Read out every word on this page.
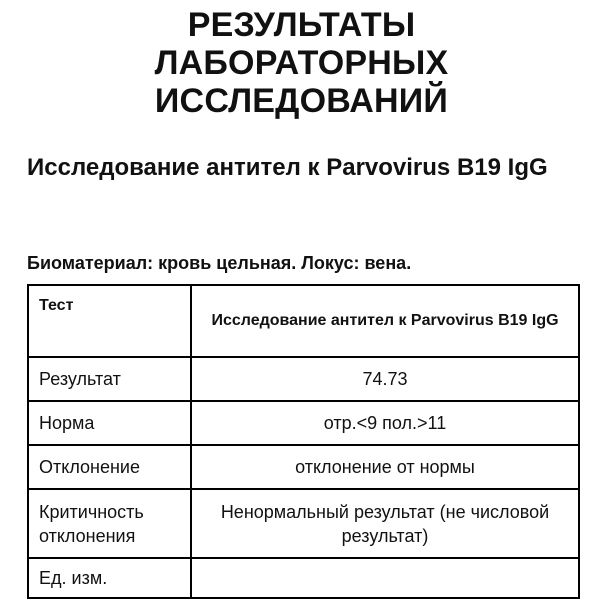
РЕЗУЛЬТАТЫ
ЛАБОРАТОРНЫХ
ИССЛЕДОВАНИЙ
Исследование антител к Parvovirus B19 IgG
Биоматериал: кровь цельная. Локус: вена.
Тест	Исследование антител к Parvovirus B19 IgG
Результат	74.73
Норма	отр.<9 пол.>11
Отклонение	отклонение от нормы
Критичность отклонения	Ненормальный результат (не числовой результат)
Ед. изм.	
